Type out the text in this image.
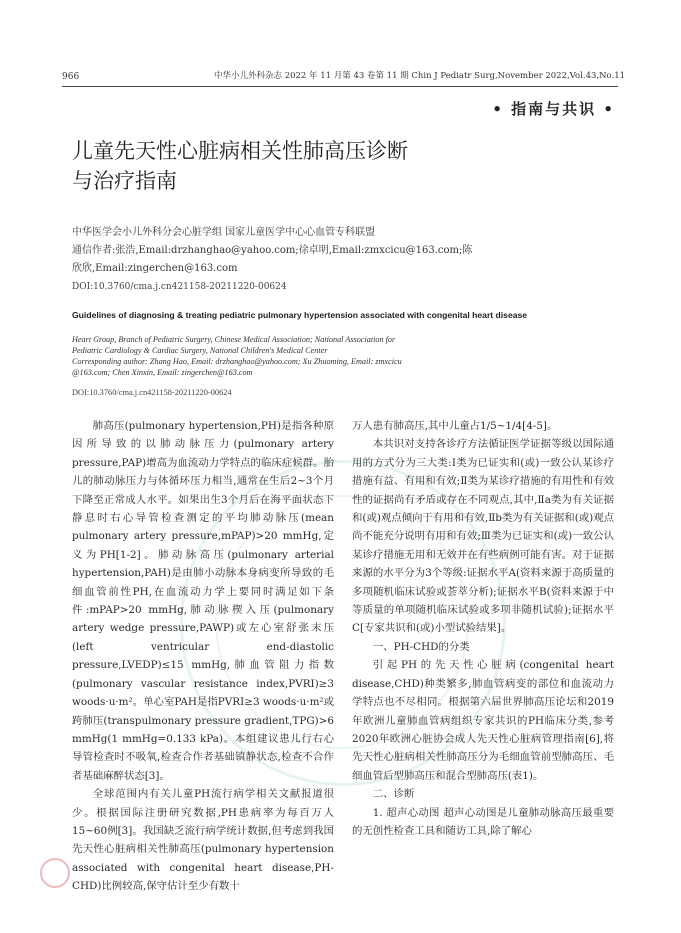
966	中华小儿外科杂志 2022 年 11 月第 43 卷第 11 期 Chin J Pediatr Surg,November 2022,Vol.43,No.11
• 指南与共识 •
儿童先天性心脏病相关性肺高压诊断
与治疗指南
中华医学会小儿外科分会心脏学组 国家儿童医学中心心血管专科联盟
通信作者:张浩,Email:drzhanghao@yahoo.com;徐卓明,Email:zmxcicu@163.com;陈
欣欣,Email:zingerchen@163.com
DOI:10.3760/cma.j.cn421158-20211220-00624
Guidelines of diagnosing & treating pediatric pulmonary hypertension associated with congenital heart disease
Heart Group, Branch of Pediatric Surgery, Chinese Medical Association; National Association for
Pediatric Cardiology & Cardiac Surgery, National Children's Medical Center
Corresponding author: Zhang Hao, Email: drzhanghao@yahoo.com; Xu Zhuoming, Email: zmxcicu
@163.com; Chen Xinxin, Email: zingerchen@163.com
DOI:10.3760/cma.j.cn421158-20211220-00624

肺高压(pulmonary hypertension,PH)是指各种原因所导致的以肺动脉压力(pulmonary artery pressure,PAP)增高为血流动力学特点的临床症候群。胎儿的肺动脉压力与体循环压力相当,通常在生后2~3个月下降至正常成人水平。如果出生3个月后在海平面状态下静息时右心导管检查测定的平均肺动脉压(mean pulmonary artery pressure,mPAP)>20 mmHg,定义为PH[1-2]。肺动脉高压(pulmonary arterial hypertension,PAH)是由肺小动脉本身病变所导致的毛细血管前性PH,在血流动力学上要同时满足如下条件:mPAP>20 mmHg,肺动脉楔入压(pulmonary artery wedge pressure,PAWP)或左心室舒张末压(left ventricular end-diastolic pressure,LVEDP)≤15 mmHg,肺血管阻力指数(pulmonary vascular resistance index,PVRI)≥3 woods·u·m²。单心室PAH是指PVRI≥3 woods·u·m²或跨肺压(transpulmonary pressure gradient,TPG)>6 mmHg(1 mmHg=0.133 kPa)。本组建议患儿行右心导管检查时不吸氧,检查合作者基础镇静状态,检查不合作者基础麻醉状态[3]。

全球范围内有关儿童PH流行病学相关文献报道很少。根据国际注册研究数据,PH患病率为每百万人15~60例[3]。我国缺乏流行病学统计数据,但考虑到我国先天性心脏病相关性肺高压(pulmonary hypertension associated with congenital heart disease,PH-CHD)比例较高,保守估计至少有数十

万人患有肺高压,其中儿童占1/5~1/4[4-5]。

本共识对支持各诊疗方法循证医学证据等级以国际通用的方式分为三大类:Ⅰ类为已证实和(或)一致公认某诊疗措施有益、有用和有效;Ⅱ类为某诊疗措施的有用性和有效性的证据尚有矛盾或存在不同观点,其中,Ⅱa类为有关证据和(或)观点倾向于有用和有效,Ⅱb类为有关证据和(或)观点尚不能充分说明有用和有效;Ⅲ类为已证实和(或)一致公认某诊疗措施无用和无效并在有些病例可能有害。对于证据来源的水平分为3个等级:证据水平A(资料来源于高质量的多项随机临床试验或荟萃分析);证据水平B(资料来源于中等质量的单项随机临床试验或多项非随机试验);证据水平C[专家共识和(或)小型试验结果]。

一、PH-CHD的分类

引起PH的先天性心脏病(congenital heart disease,CHD)种类繁多,肺血管病变的部位和血流动力学特点也不尽相同。根据第六届世界肺高压论坛和2019年欧洲儿童肺血管病组织专家共识的PH临床分类,参考2020年欧洲心脏协会成人先天性心脏病管理指南[6],将先天性心脏病相关性肺高压分为毛细血管前型肺高压、毛细血管后型肺高压和混合型肺高压(表1)。

二、诊断

1. 超声心动图 超声心动图是儿童肺动脉高压最重要的无创性检查工具和随访工具,除了解心
